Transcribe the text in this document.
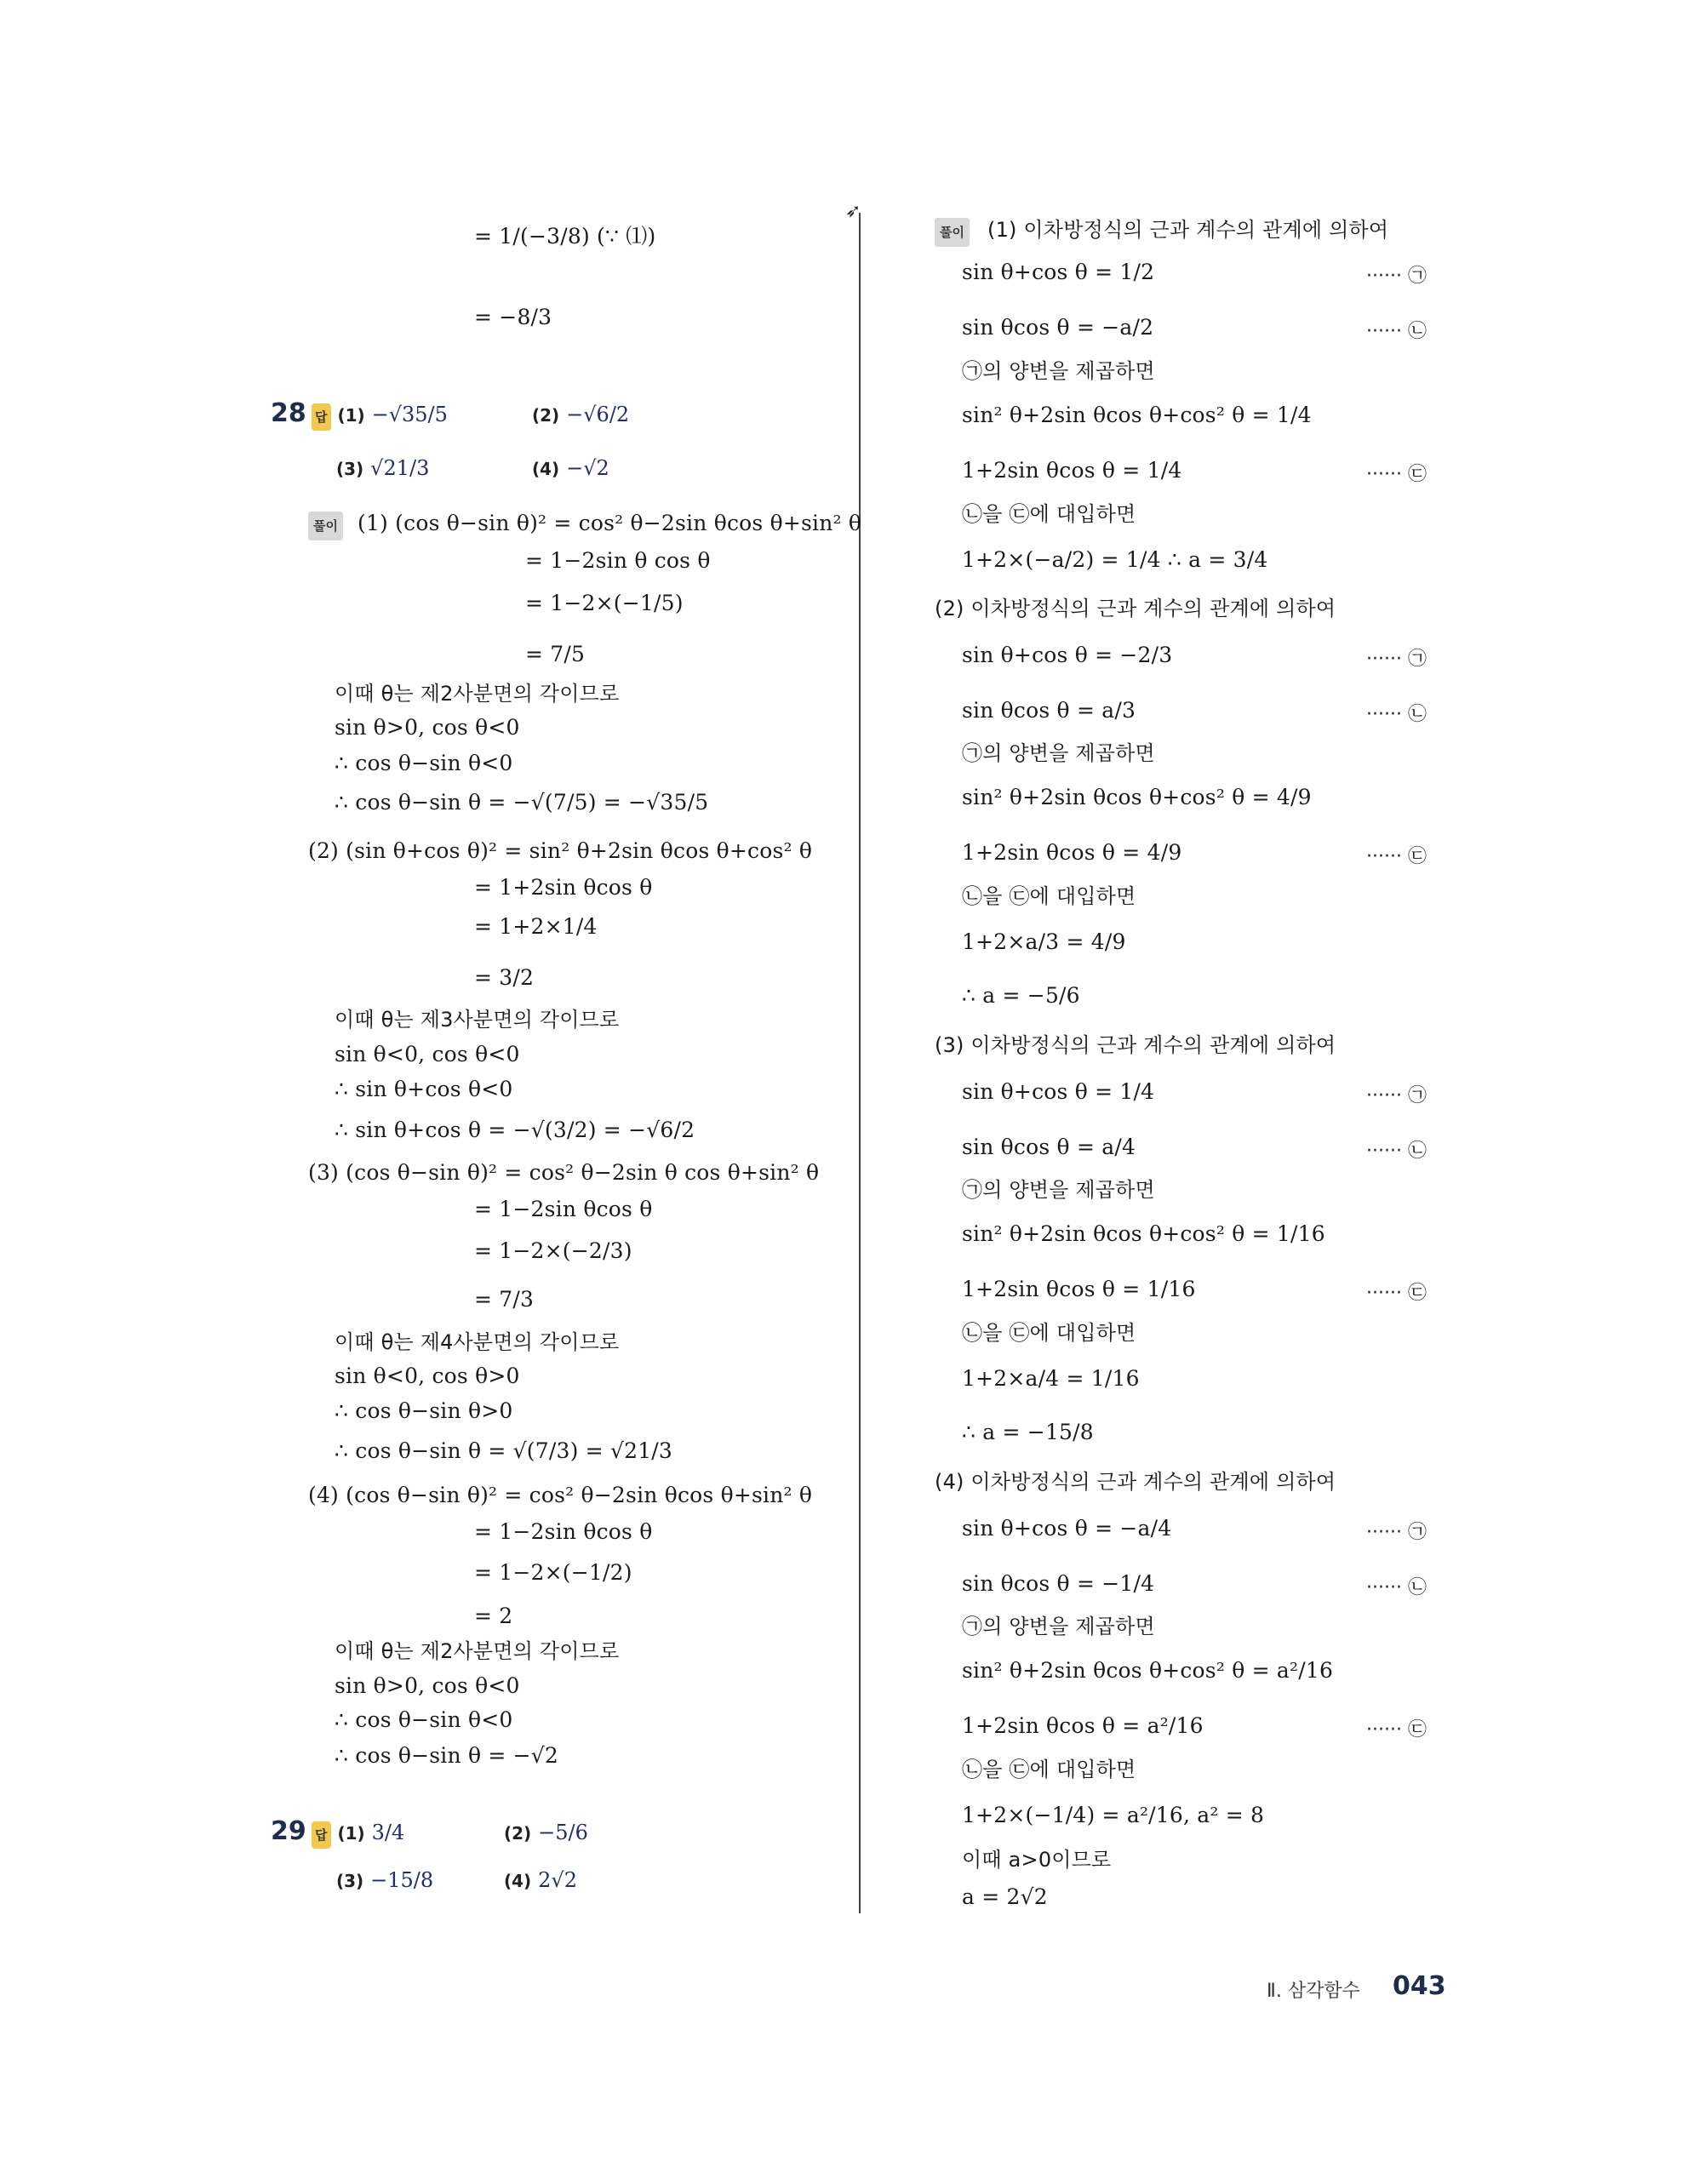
➶
= 1/(−3/8) (∵ ⑴)
= −8/3
28 답 (1) −√35/5	(2) −√6/2
(3) √21/3	(4) −√2
풀이 (1) (cos θ−sin θ)² = cos² θ−2sin θcos θ+sin² θ
= 1−2sin θ cos θ
= 1−2×(−1/5)
= 7/5
이때 θ는 제2사분면의 각이므로
sin θ>0, cos θ<0
∴ cos θ−sin θ<0
∴ cos θ−sin θ = −√(7/5) = −√35/5
(2) (sin θ+cos θ)² = sin² θ+2sin θcos θ+cos² θ
= 1+2sin θcos θ
= 1+2×1/4
= 3/2
이때 θ는 제3사분면의 각이므로
sin θ<0, cos θ<0
∴ sin θ+cos θ<0
∴ sin θ+cos θ = −√(3/2) = −√6/2
(3) (cos θ−sin θ)² = cos² θ−2sin θ cos θ+sin² θ
= 1−2sin θcos θ
= 1−2×(−2/3)
= 7/3
이때 θ는 제4사분면의 각이므로
sin θ<0, cos θ>0
∴ cos θ−sin θ>0
∴ cos θ−sin θ = √(7/3) = √21/3
(4) (cos θ−sin θ)² = cos² θ−2sin θcos θ+sin² θ
= 1−2sin θcos θ
= 1−2×(−1/2)
= 2
이때 θ는 제2사분면의 각이므로
sin θ>0, cos θ<0
∴ cos θ−sin θ<0
∴ cos θ−sin θ = −√2
29 답 (1) 3/4	(2) −5/6
(3) −15/8	(4) 2√2
풀이 (1) 이차방정식의 근과 계수의 관계에 의하여
sin θ+cos θ = 1/2	······ ㉠
sin θcos θ = −a/2	······ ㉡
㉠의 양변을 제곱하면
sin² θ+2sin θcos θ+cos² θ = 1/4
1+2sin θcos θ = 1/4	······ ㉢
㉡을 ㉢에 대입하면
1+2×(−a/2) = 1/4 ∴ a = 3/4
(2) 이차방정식의 근과 계수의 관계에 의하여
sin θ+cos θ = −2/3	······ ㉠
sin θcos θ = a/3	······ ㉡
㉠의 양변을 제곱하면
sin² θ+2sin θcos θ+cos² θ = 4/9
1+2sin θcos θ = 4/9	······ ㉢
㉡을 ㉢에 대입하면
1+2×a/3 = 4/9
∴ a = −5/6
(3) 이차방정식의 근과 계수의 관계에 의하여
sin θ+cos θ = 1/4	······ ㉠
sin θcos θ = a/4	······ ㉡
㉠의 양변을 제곱하면
sin² θ+2sin θcos θ+cos² θ = 1/16
1+2sin θcos θ = 1/16	······ ㉢
㉡을 ㉢에 대입하면
1+2×a/4 = 1/16
∴ a = −15/8
(4) 이차방정식의 근과 계수의 관계에 의하여
sin θ+cos θ = −a/4	······ ㉠
sin θcos θ = −1/4	······ ㉡
㉠의 양변을 제곱하면
sin² θ+2sin θcos θ+cos² θ = a²/16
1+2sin θcos θ = a²/16	······ ㉢
㉡을 ㉢에 대입하면
1+2×(−1/4) = a²/16, a² = 8
이때 a>0이므로
a = 2√2
Ⅱ. 삼각함수 043
